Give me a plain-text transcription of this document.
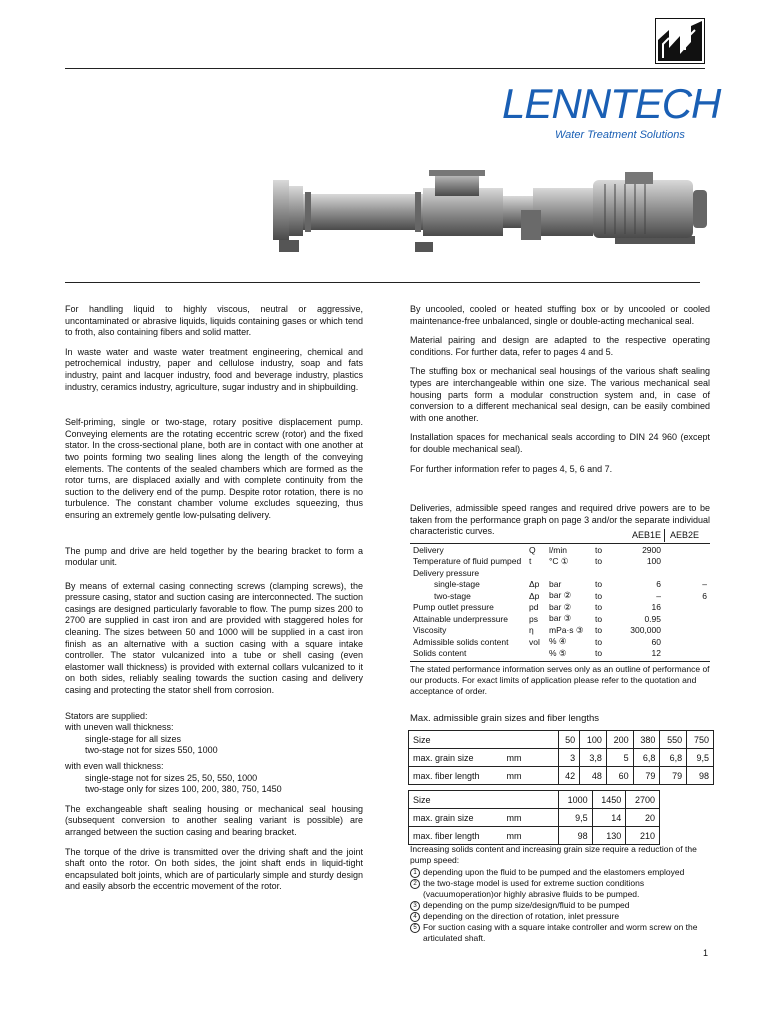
LENNTECH
Water Treatment Solutions

For handling liquid to highly viscous, neutral or aggressive, uncontaminated or abrasive liquids, liquids containing gases or which tend to froth, also containing fibers and solid matter.

In waste water and waste water treatment engineering, chemical and petrochemical industry, paper and cellulose industry, soap and fats industry, paint and lacquer industry, food and beverage industry, plastics industry, ceramics industry, agriculture, sugar industry and in shipbuilding.

Self-priming, single or two-stage, rotary positive displacement pump. Conveying elements are the rotating eccentric screw (rotor) and the fixed stator. In the cross-sectional plane, both are in contact with one another at two points forming two sealing lines along the length of the conveying elements. The contents of the sealed chambers which are formed as the rotor turns, are displaced axially and with complete continuity from the suction to the delivery end of the pump. Despite rotor rotation, there is no turbulence. The constant chamber volume excludes squeezing, thus ensuring an extremely gentle low-pulsating delivery.

The pump and drive are held together by the bearing bracket to form a modular unit.

By means of external casing connecting screws (clamping screws), the pressure casing, stator and suction casing are interconnected. The suction casings are designed particularly favorable to flow. The pump sizes 200 to 2700 are supplied in cast iron and are provided with staggered holes for cleaning. The sizes between 50 and 1000 will be supplied in a cast iron finish as an alternative with a suction casing with a square intake controller. The stator vulcanized into a tube or shell casing (even elastomer wall thickness) is provided with external collars vulcanized to it on both sides, reliably sealing towards the suction casing and delivery casing and protecting the stator shell from corrosion.

Stators are supplied:

with uneven wall thickness:

single-stage for all sizes

two-stage not for sizes 550, 1000

with even wall thickness:

single-stage not for sizes 25, 50, 550, 1000

two-stage only for sizes 100, 200, 380, 750, 1450

The exchangeable shaft sealing housing or mechanical seal housing (subsequent conversion to another sealing variant is possible) are arranged between the suction casing and bearing bracket.

The torque of the drive is transmitted over the driving shaft and the joint shaft onto the rotor. On both sides, the joint shaft ends in liquid-tight encapsulated bolt joints, which are of particularly simple and sturdy design and easily absorb the eccentric movement of the rotor.

By uncooled, cooled or heated stuffing box or by uncooled or cooled maintenance-free unbalanced, single or double-acting mechanical seal.

Material pairing and design are adapted to the respective operating conditions. For further data, refer to pages 4 and 5.

The stuffing box or mechanical seal housings of the various shaft sealing types are interchangeable within one size. The various mechanical seal housing parts form a modular construction system and, in case of conversion to a different mechanical seal design, can be easily combined with one another.

Installation spaces for mechanical seals according to DIN 24 960 (except for double mechanical seal).

For further information refer to pages 4, 5, 6 and 7.

Deliveries, admissible speed ranges and required drive powers are to be taken from the performance graph on page 3 and/or the separate individual characteristic curves.	AEB1E AEB2E
Delivery	Q	l/min	to	2900	
Temperature of fluid pumped	t	°C ①	to	100	
Delivery pressure					
single-stage	Δp	bar	to	6	–
two-stage	Δp	bar ②	to	–	6
Pump outlet pressure	pd	bar ②	to	16	
Attainable underpressure	ps	bar ③	to	0.95	
Viscosity	η	mPa·s ③	to	300,000	
Admissible solids content	vol	% ④	to	60	
Solids content		% ⑤	to	12	
The stated performance information serves only as an outline of performance of our products. For exact limits of application please refer to the quotation and acceptance of order.
Max. admissible grain sizes and fiber lengths
Size		50	100	200	380	550	750
max. grain size	mm	3	3,8	5	6,8	6,8	9,5
max. fiber length	mm	42	48	60	79	79	98
Size		1000	1450	2700
max. grain size	mm	9,5	14	20
max. fiber length	mm	98	130	210
Increasing solids content and increasing grain size require a reduction of the pump speed:
1 depending upon the fluid to be pumped and the elastomers employed
2 the two-stage model is used for extreme suction conditions (vacuumoperation)or highly abrasive fluids to be pumped.
3 depending on the pump size/design/fluid to be pumped
4 depending on the direction of rotation, inlet pressure
5 For suction casing with a square intake controller and worm screw on the articulated shaft.
1
